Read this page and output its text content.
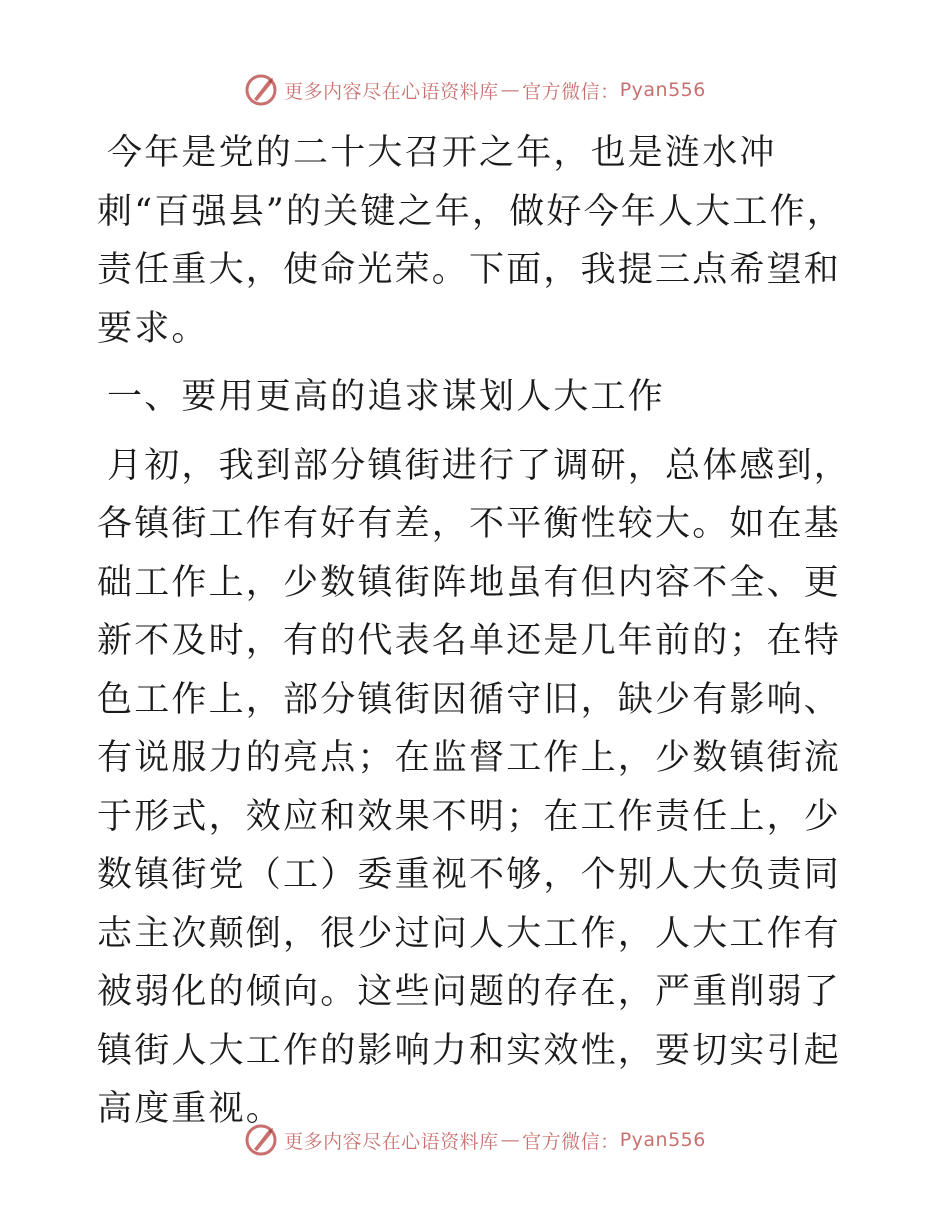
更多内容尽在心语资料库 — 官方微信： Pyan556

今年是党的二十大召开之年，也是涟水冲刺“百强县”的关键之年，做好今年人大工作，责任重大，使命光荣。下面，我提三点希望和要求。

一、要用更高的追求谋划人大工作

月初，我到部分镇街进行了调研，总体感到，各镇街工作有好有差，不平衡性较大。如在基础工作上，少数镇街阵地虽有但内容不全、更新不及时，有的代表名单还是几年前的；在特色工作上，部分镇街因循守旧，缺少有影响、有说服力的亮点；在监督工作上，少数镇街流于形式，效应和效果不明；在工作责任上，少数镇街党（工）委重视不够，个别人大负责同志主次颠倒，很少过问人大工作，人大工作有被弱化的倾向。这些问题的存在，严重削弱了镇街人大工作的影响力和实效性，要切实引起高度重视。

更多内容尽在心语资料库 — 官方微信： Pyan556
